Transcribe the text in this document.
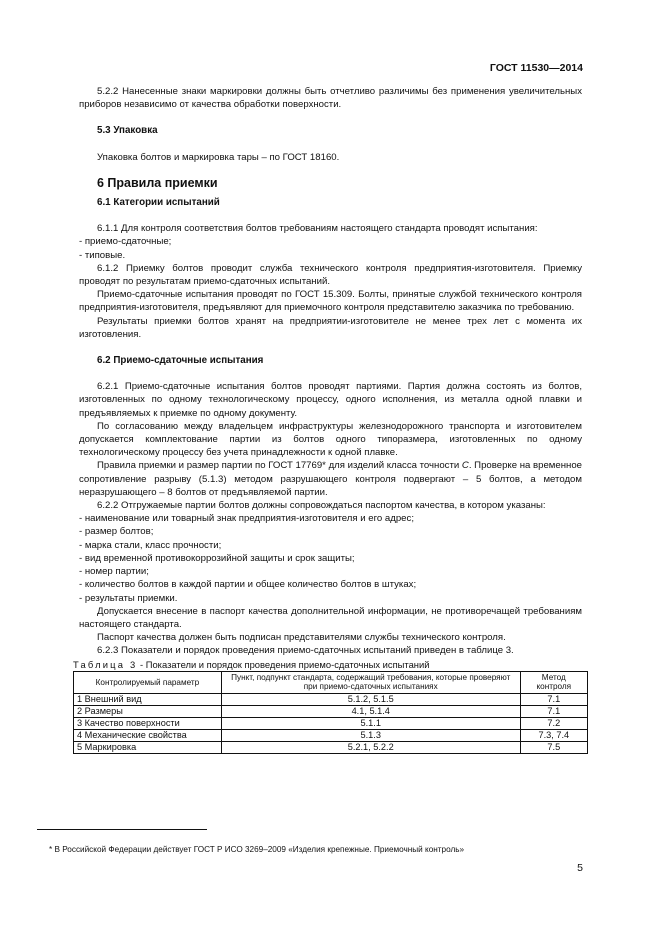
ГОСТ 11530—2014

5.2.2 Нанесенные знаки маркировки должны быть отчетливо различимы без применения увеличительных приборов независимо от качества обработки поверхности.

5.3 Упаковка

Упаковка болтов и маркировка тары – по ГОСТ 18160.

6 Правила приемки

6.1 Категории испытаний

6.1.1 Для контроля соответствия болтов требованиям настоящего стандарта проводят испытания:

- приемо-сдаточные;

- типовые.

6.1.2 Приемку болтов проводит служба технического контроля предприятия-изготовителя. Приемку проводят по результатам приемо-сдаточных испытаний.

Приемо-сдаточные испытания проводят по ГОСТ 15.309. Болты, принятые службой технического контроля предприятия-изготовителя, предъявляют для приемочного контроля представителю заказчика по требованию.

Результаты приемки болтов хранят на предприятии-изготовителе не менее трех лет с момента их изготовления.

6.2 Приемо-сдаточные испытания

6.2.1 Приемо-сдаточные испытания болтов проводят партиями. Партия должна состоять из болтов, изготовленных по одному технологическому процессу, одного исполнения, из металла одной плавки и предъявляемых к приемке по одному документу.

По согласованию между владельцем инфраструктуры железнодорожного транспорта и изготовителем допускается комплектование партии из болтов одного типоразмера, изготовленных по одному технологическому процессу без учета принадлежности к одной плавке.

Правила приемки и размер партии по ГОСТ 17769* для изделий класса точности C. Проверке на временное сопротивление разрыву (5.1.3) методом разрушающего контроля подвергают – 5 болтов, а методом неразрушающего – 8 болтов от предъявляемой партии.

6.2.2 Отгружаемые партии болтов должны сопровождаться паспортом качества, в котором указаны:

- наименование или товарный знак предприятия-изготовителя и его адрес;

- размер болтов;

- марка стали, класс прочности;

- вид временной противокоррозийной защиты и срок защиты;

- номер партии;

- количество болтов в каждой партии и общее количество болтов в штуках;

- результаты приемки.

Допускается внесение в паспорт качества дополнительной информации, не противоречащей требованиям настоящего стандарта.

Паспорт качества должен быть подписан представителями службы технического контроля.

6.2.3 Показатели и порядок проведения приемо-сдаточных испытаний приведен в таблице 3.

Таблица 3 - Показатели и порядок проведения приемо-сдаточных испытаний

Контролируемый параметр	Пункт, подпункт стандарта, содержащий требования, которые проверяют при приемо-сдаточных испытаниях	Метод контроля
1 Внешний вид	5.1.2, 5.1.5	7.1
2 Размеры	4.1, 5.1.4	7.1
3 Качество поверхности	5.1.1	7.2
4 Механические свойства	5.1.3	7.3, 7.4
5 Маркировка	5.2.1, 5.2.2	7.5

* В Российской Федерации действует ГОСТ Р ИСО 3269–2009 «Изделия крепежные. Приемочный контроль»

5
